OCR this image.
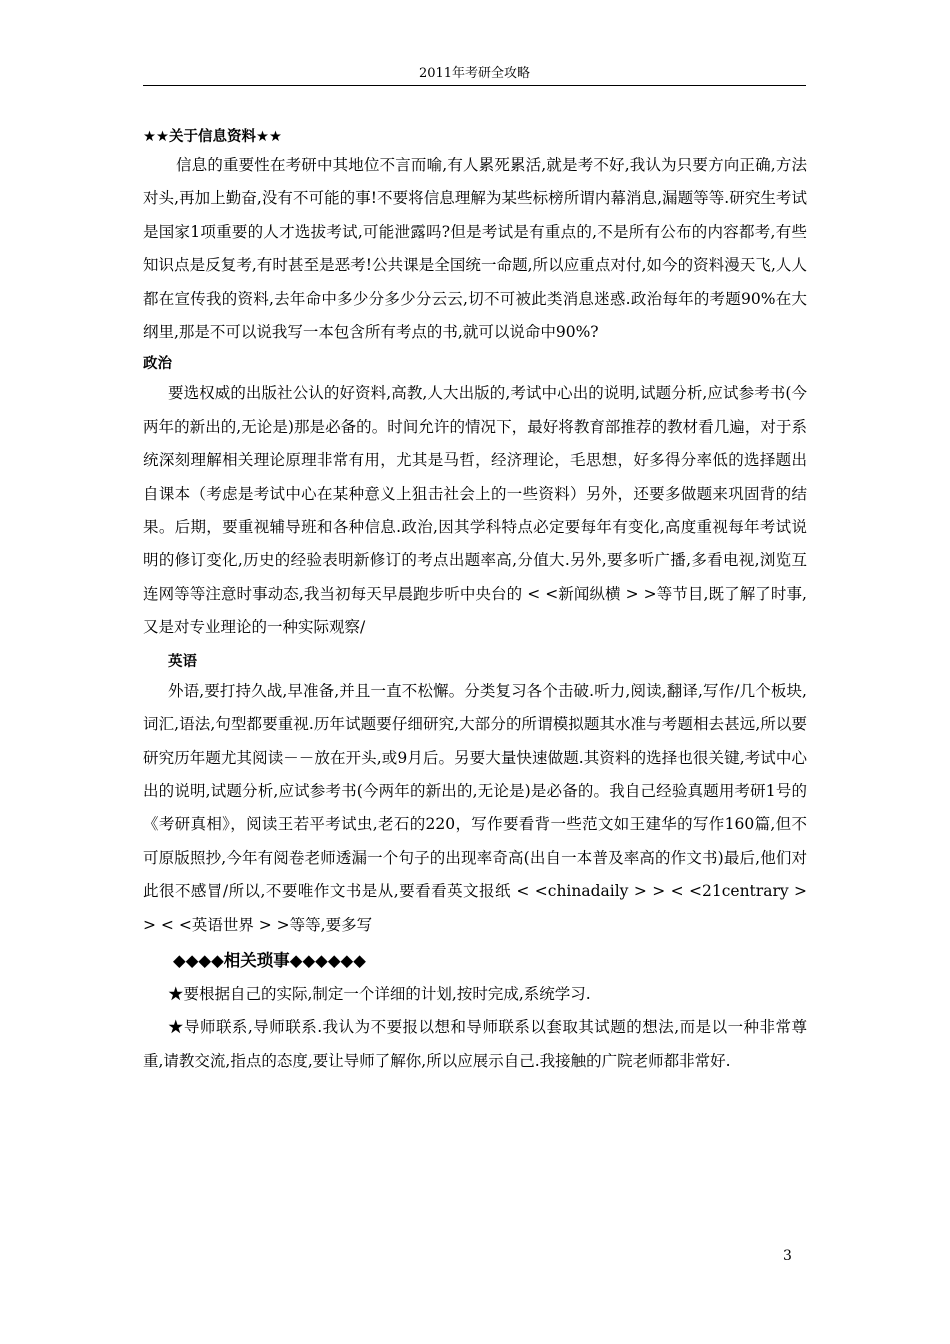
2011年考研全攻略

★★关于信息资料★★

信息的重要性在考研中其地位不言而喻,有人累死累活,就是考不好,我认为只要方向正确,方法对头,再加上勤奋,没有不可能的事!不要将信息理解为某些标榜所谓内幕消息,漏题等等.研究生考试是国家1项重要的人才选拔考试,可能泄露吗?但是考试是有重点的,不是所有公布的内容都考,有些知识点是反复考,有时甚至是恶考!公共课是全国统一命题,所以应重点对付,如今的资料漫天飞,人人都在宣传我的资料,去年命中多少分多少分云云,切不可被此类消息迷惑.政治每年的考题90%在大纲里,那是不可以说我写一本包含所有考点的书,就可以说命中90%?

政治

要选权威的出版社公认的好资料,高教,人大出版的,考试中心出的说明,试题分析,应试参考书(今两年的新出的,无论是)那是必备的。时间允许的情况下，最好将教育部推荐的教材看几遍，对于系统深刻理解相关理论原理非常有用，尤其是马哲，经济理论，毛思想，好多得分率低的选择题出自课本（考虑是考试中心在某种意义上狙击社会上的一些资料）另外，还要多做题来巩固背的结果。后期，要重视辅导班和各种信息.政治,因其学科特点必定要每年有变化,高度重视每年考试说明的修订变化,历史的经验表明新修订的考点出题率高,分值大.另外,要多听广播,多看电视,浏览互连网等等注意时事动态,我当初每天早晨跑步听中央台的 < <新闻纵横 > >等节目,既了解了时事,又是对专业理论的一种实际观察/

英语

外语,要打持久战,早准备,并且一直不松懈。分类复习各个击破.听力,阅读,翻译,写作/几个板块,词汇,语法,句型都要重视.历年试题要仔细研究,大部分的所谓模拟题其水准与考题相去甚远,所以要研究历年题尤其阅读－－放在开头,或9月后。另要大量快速做题.其资料的选择也很关键,考试中心出的说明,试题分析,应试参考书(今两年的新出的,无论是)是必备的。我自己经验真题用考研1号的《考研真相》，阅读王若平考试虫,老石的220，写作要看背一些范文如王建华的写作160篇,但不可原版照抄,今年有阅卷老师透漏一个句子的出现率奇高(出自一本普及率高的作文书)最后,他们对此很不感冒/所以,不要唯作文书是从,要看看英文报纸 < <chinadaily > > < <21centrary > > < <英语世界 > >等等,要多写

◆◆◆◆相关琐事◆◆◆◆◆◆

★要根据自己的实际,制定一个详细的计划,按时完成,系统学习.

★导师联系,导师联系.我认为不要报以想和导师联系以套取其试题的想法,而是以一种非常尊重,请教交流,指点的态度,要让导师了解你,所以应展示自己.我接触的广院老师都非常好.

3
